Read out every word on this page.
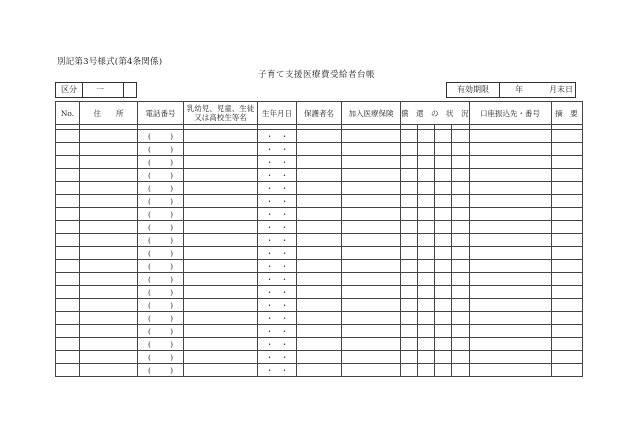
別記第3号様式(第4条関係)
子育て支援医療費受給者台帳
区分 一	有効期限	年	月末日
No.	住　　所	電話番号	乳幼児、児童、生徒又は高校生等名	生年月日	保護者名	加入医療保険	償　還　の　状　況				口座振込先・番号	摘　要

		( )		・　・								

		( )		・　・								

		( )		・　・								

		( )		・　・								

		( )		・　・								

		( )		・　・								

		( )		・　・								

		( )		・　・								

		( )		・　・								

		( )		・　・								

		( )		・　・								

		( )		・　・								

		( )		・　・								

		( )		・　・								

		( )		・　・								

		( )		・　・								

		( )		・　・								

		( )		・　・								

		( )		・　・								
